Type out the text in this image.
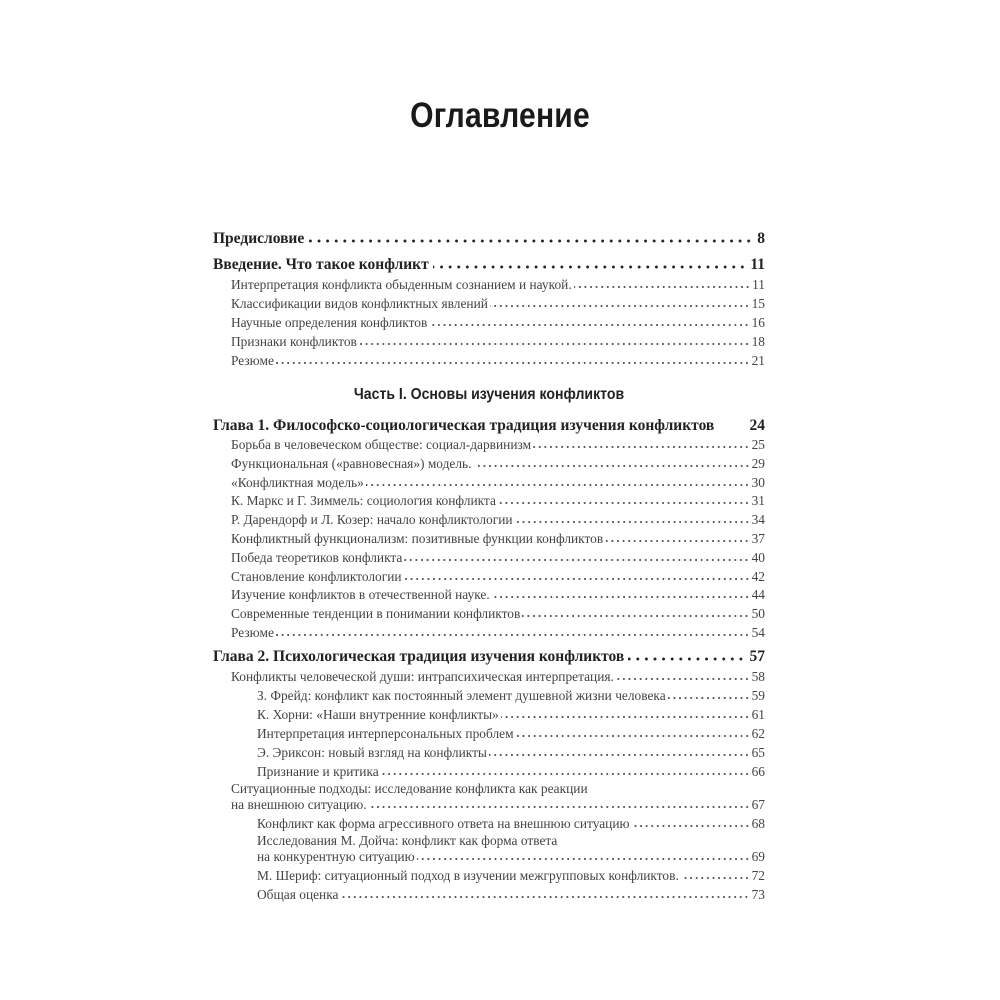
Оглавление
Предисловие	8
Введение. Что такое конфликт	11
Интерпретация конфликта обыденным сознанием и наукой.	11
Классификации видов конфликтных явлений	15
Научные определения конфликтов	16
Признаки конфликтов	18
Резюме	21
Часть I. Основы изучения конфликтов
Глава 1. Философско-социологическая традиция изучения конфликтов 24
Борьба в человеческом обществе: социал-дарвинизм	25
Функциональная («равновесная») модель.	29
«Конфликтная модель»	30
К. Маркс и Г. Зиммель: социология конфликта	31
Р. Дарендорф и Л. Козер: начало конфликтологии	34
Конфликтный функционализм: позитивные функции конфликтов	37
Победа теоретиков конфликта	40
Становление конфликтологии	42
Изучение конфликтов в отечественной науке.	44
Современные тенденции в понимании конфликтов	50
Резюме	54
Глава 2. Психологическая традиция изучения конфликтов	57
Конфликты человеческой души: интрапсихическая интерпретация.	58
З. Фрейд: конфликт как постоянный элемент душевной жизни человека	59
К. Хорни: «Наши внутренние конфликты»	61
Интерпретация интерперсональных проблем	62
Э. Эриксон: новый взгляд на конфликты	65
Признание и критика	66
Ситуационные подходы: исследование конфликта как реакции
на внешнюю ситуацию.	67
Конфликт как форма агрессивного ответа на внешнюю ситуацию	68
Исследования М. Дойча: конфликт как форма ответа
на конкурентную ситуацию	69
М. Шериф: ситуационный подход в изучении межгрупповых конфликтов.	72
Общая оценка	73
